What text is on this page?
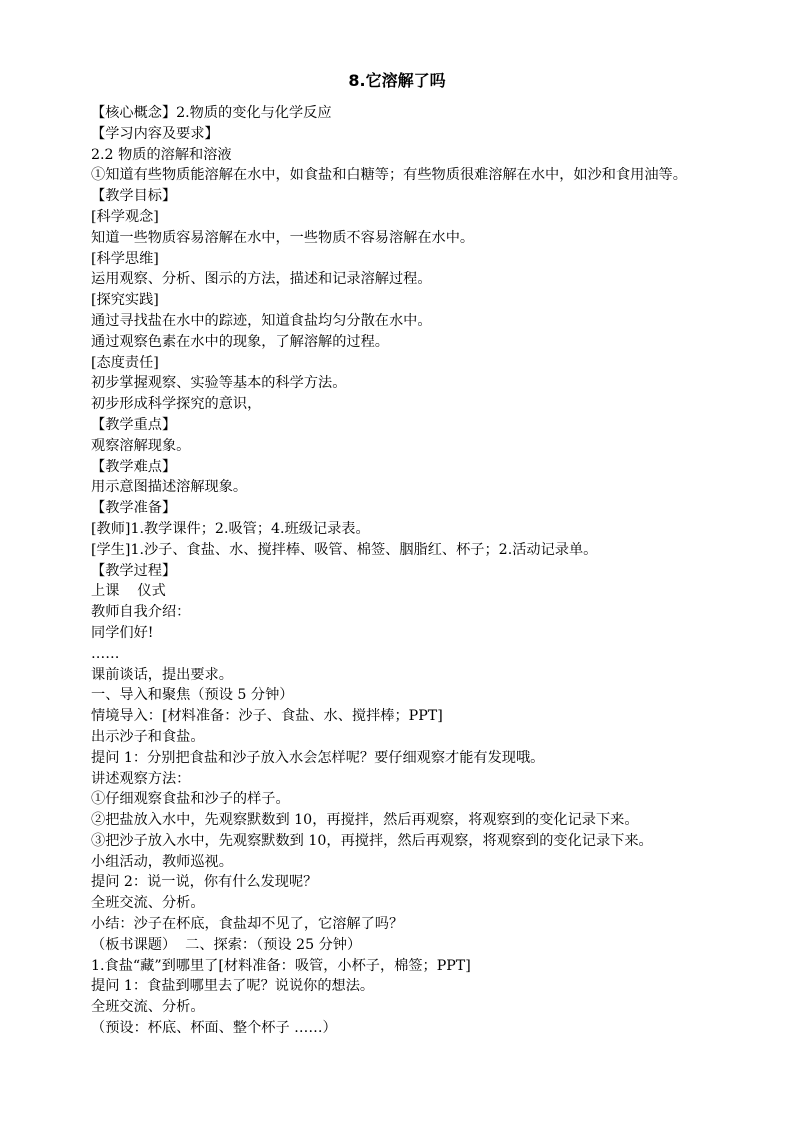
8.它溶解了吗
【核心概念】2.物质的变化与化学反应
【学习内容及要求】
2.2 物质的溶解和溶液
①知道有些物质能溶解在水中，如食盐和白糖等；有些物质很难溶解在水中，如沙和食用油等。
【教学目标】
[科学观念]
知道一些物质容易溶解在水中，一些物质不容易溶解在水中。
[科学思维]
运用观察、分析、图示的方法，描述和记录溶解过程。
[探究实践]
通过寻找盐在水中的踪迹，知道食盐均匀分散在水中。
通过观察色素在水中的现象，了解溶解的过程。
[态度责任]
初步掌握观察、实验等基本的科学方法。
初步形成科学探究的意识，
【教学重点】
观察溶解现象。
【教学难点】
用示意图描述溶解现象。
【教学准备】
[教师]1.教学课件；2.吸管；4.班级记录表。
[学生]1.沙子、食盐、水、搅拌棒、吸管、棉签、胭脂红、杯子；2.活动记录单。
【教学过程】
上课    仪式
教师自我介绍：
同学们好!
……
课前谈话，提出要求。
一、导入和聚焦（预设 5 分钟）
情境导入：[材料准备：沙子、食盐、水、搅拌棒；PPT]
出示沙子和食盐。
提问 1：分别把食盐和沙子放入水会怎样呢？要仔细观察才能有发现哦。
讲述观察方法：
①仔细观察食盐和沙子的样子。
②把盐放入水中，先观察默数到 10，再搅拌，然后再观察，将观察到的变化记录下来。
③把沙子放入水中，先观察默数到 10，再搅拌，然后再观察，将观察到的变化记录下来。
小组活动，教师巡视。
提问 2：说一说，你有什么发现呢？
全班交流、分析。
小结：沙子在杯底，食盐却不见了，它溶解了吗？
（板书课题）  二、探索：（预设 25 分钟）
1.食盐“藏”到哪里了[材料准备：吸管，小杯子，棉签；PPT]
提问 1：食盐到哪里去了呢？说说你的想法。
全班交流、分析。
（预设：杯底、杯面、整个杯子 ……）
